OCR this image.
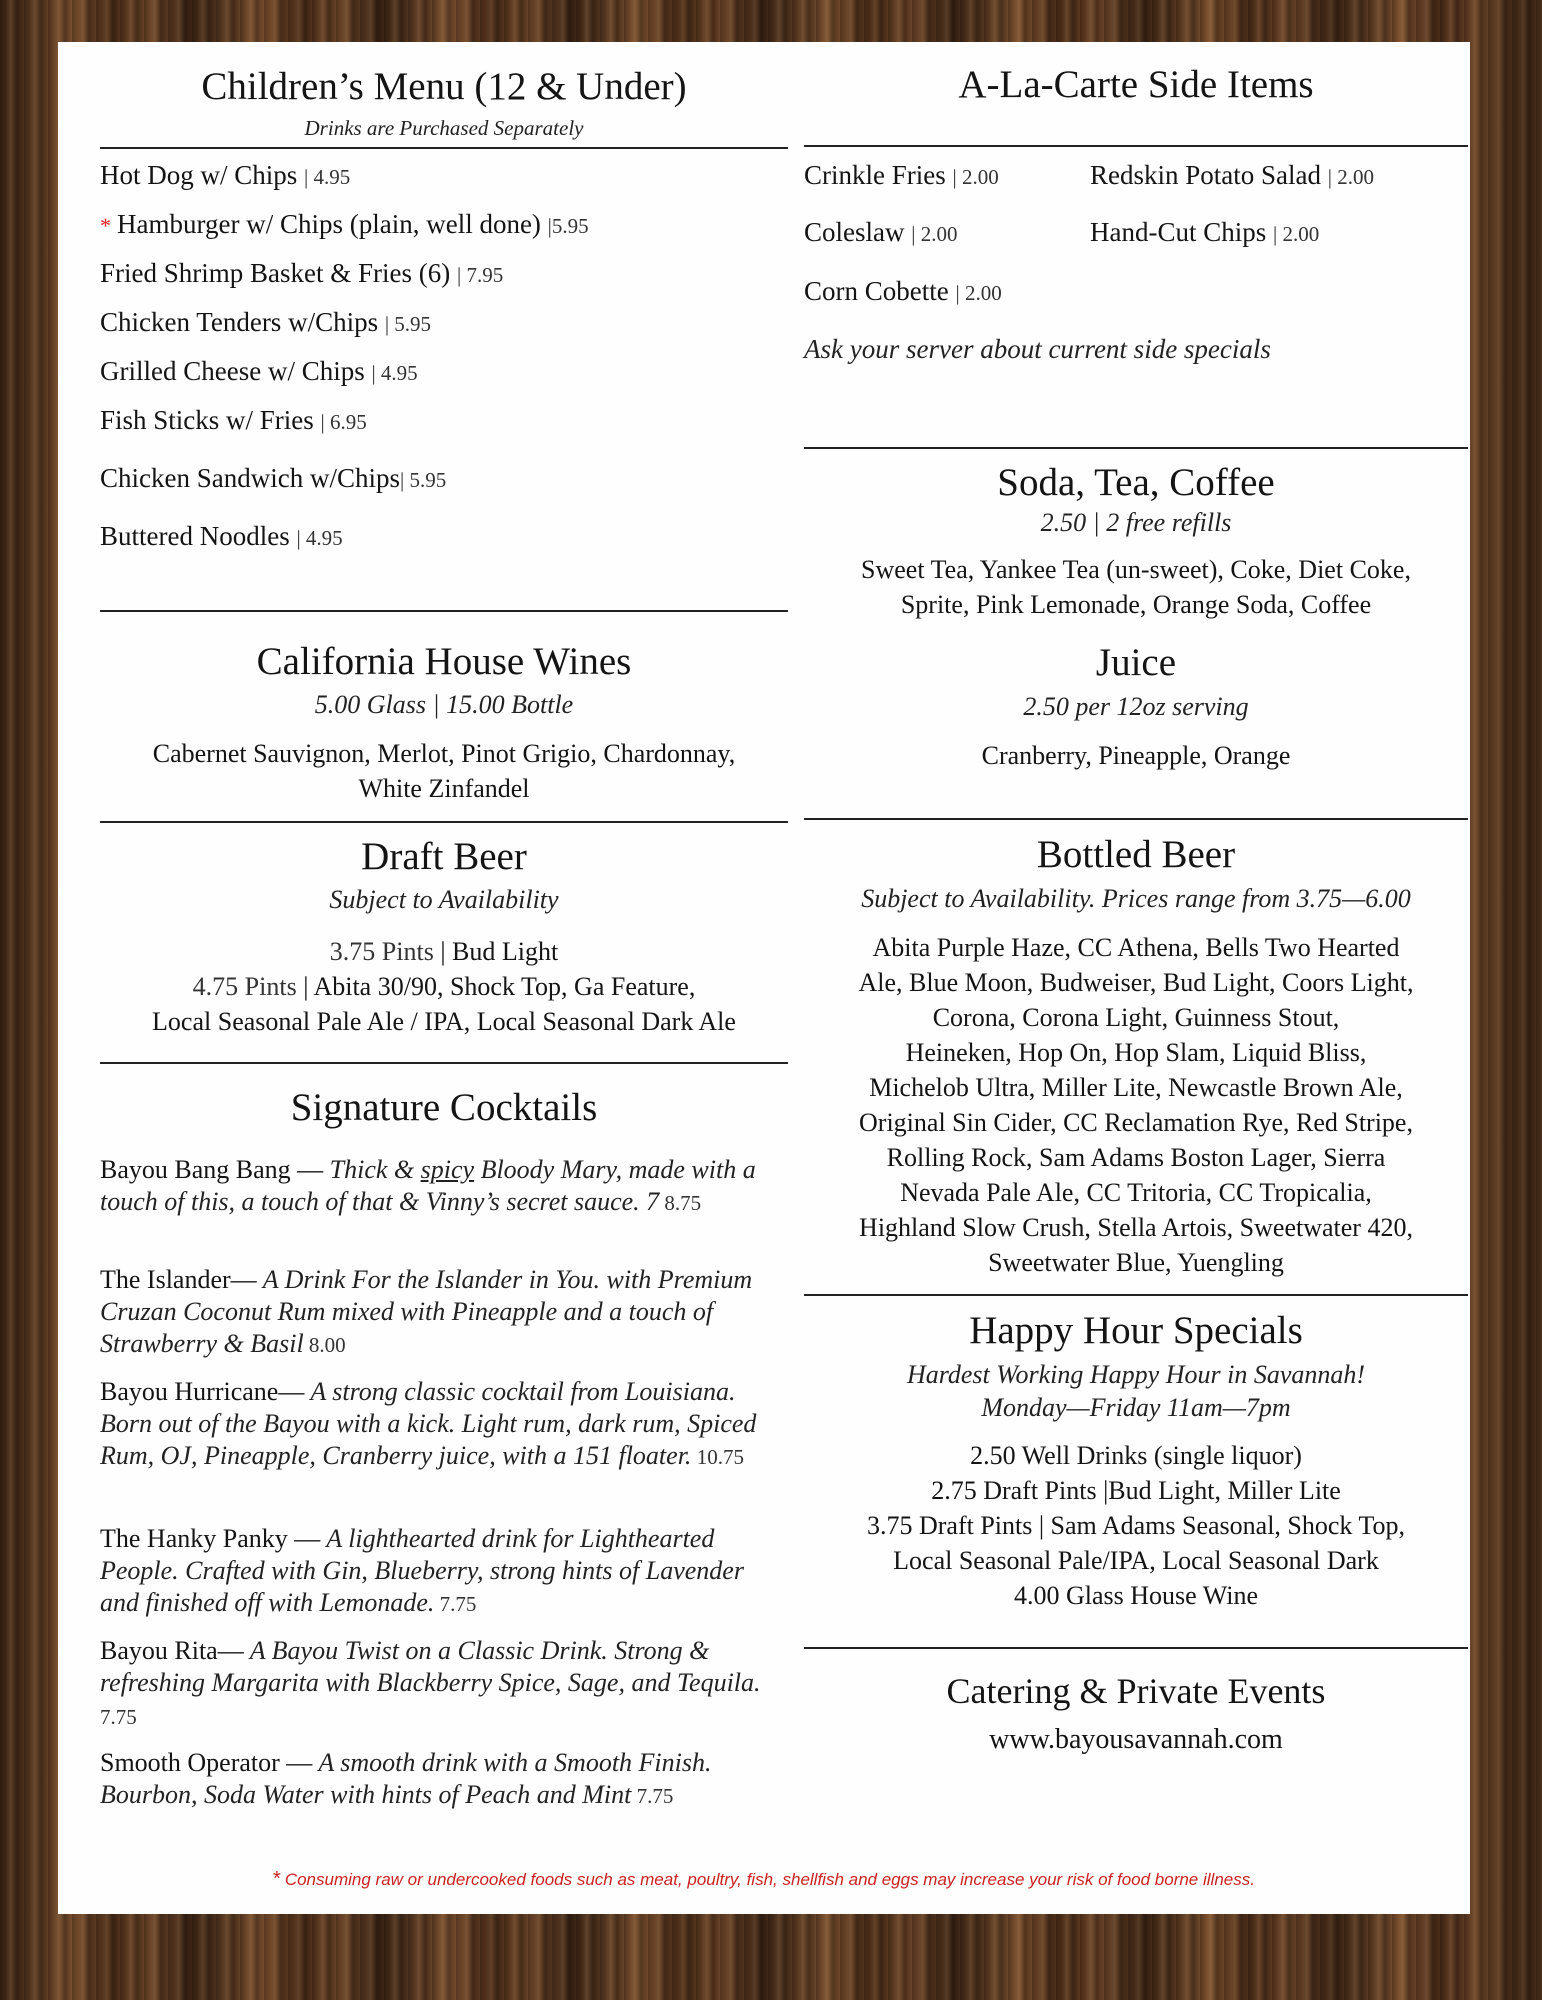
Children’s Menu (12 & Under)
Drinks are Purchased Separately
Hot Dog w/ Chips | 4.95
* Hamburger w/ Chips (plain, well done) |5.95
Fried Shrimp Basket & Fries (6) | 7.95
Chicken Tenders w/Chips | 5.95
Grilled Cheese w/ Chips | 4.95
Fish Sticks w/ Fries | 6.95
Chicken Sandwich w/Chips| 5.95
Buttered Noodles | 4.95
California House Wines
5.00 Glass | 15.00 Bottle
Cabernet Sauvignon, Merlot, Pinot Grigio, Chardonnay,
White Zinfandel
Draft Beer
Subject to Availability
3.75 Pints | Bud Light
4.75 Pints | Abita 30/90, Shock Top, Ga Feature,
Local Seasonal Pale Ale / IPA, Local Seasonal Dark Ale
Signature Cocktails
Bayou Bang Bang — Thick & spicy Bloody Mary, made with a touch of this, a touch of that & Vinny’s secret sauce. 7 8.75
The Islander— A Drink For the Islander in You. with Premium Cruzan Coconut Rum mixed with Pineapple and a touch of Strawberry & Basil 8.00
Bayou Hurricane— A strong classic cocktail from Louisiana. Born out of the Bayou with a kick. Light rum, dark rum, Spiced Rum, OJ, Pineapple, Cranberry juice, with a 151 floater. 10.75
The Hanky Panky — A lighthearted drink for Lighthearted People. Crafted with Gin, Blueberry, strong hints of Lavender and finished off with Lemonade. 7.75
Bayou Rita— A Bayou Twist on a Classic Drink. Strong & refreshing Margarita with Blackberry Spice, Sage, and Tequila. 7.75
Smooth Operator — A smooth drink with a Smooth Finish. Bourbon, Soda Water with hints of Peach and Mint 7.75
A-La-Carte Side Items
Crinkle Fries | 2.00	Redskin Potato Salad | 2.00
Coleslaw | 2.00	Hand-Cut Chips | 2.00
Corn Cobette | 2.00
Ask your server about current side specials
Soda, Tea, Coffee
2.50 | 2 free refills
Sweet Tea, Yankee Tea (un-sweet), Coke, Diet Coke,
Sprite, Pink Lemonade, Orange Soda, Coffee
Juice
2.50 per 12oz serving
Cranberry, Pineapple, Orange
Bottled Beer
Subject to Availability. Prices range from 3.75—6.00
Abita Purple Haze, CC Athena, Bells Two Hearted
Ale, Blue Moon, Budweiser, Bud Light, Coors Light,
Corona, Corona Light, Guinness Stout,
Heineken, Hop On, Hop Slam, Liquid Bliss,
Michelob Ultra, Miller Lite, Newcastle Brown Ale,
Original Sin Cider, CC Reclamation Rye, Red Stripe,
Rolling Rock, Sam Adams Boston Lager, Sierra
Nevada Pale Ale, CC Tritoria, CC Tropicalia,
Highland Slow Crush, Stella Artois, Sweetwater 420,
Sweetwater Blue, Yuengling
Happy Hour Specials
Hardest Working Happy Hour in Savannah!
Monday—Friday 11am—7pm
2.50 Well Drinks (single liquor)
2.75 Draft Pints |Bud Light, Miller Lite
3.75 Draft Pints | Sam Adams Seasonal, Shock Top,
Local Seasonal Pale/IPA, Local Seasonal Dark
4.00 Glass House Wine
Catering & Private Events
www.bayousavannah.com
* Consuming raw or undercooked foods such as meat, poultry, fish, shellfish and eggs may increase your risk of food borne illness.
